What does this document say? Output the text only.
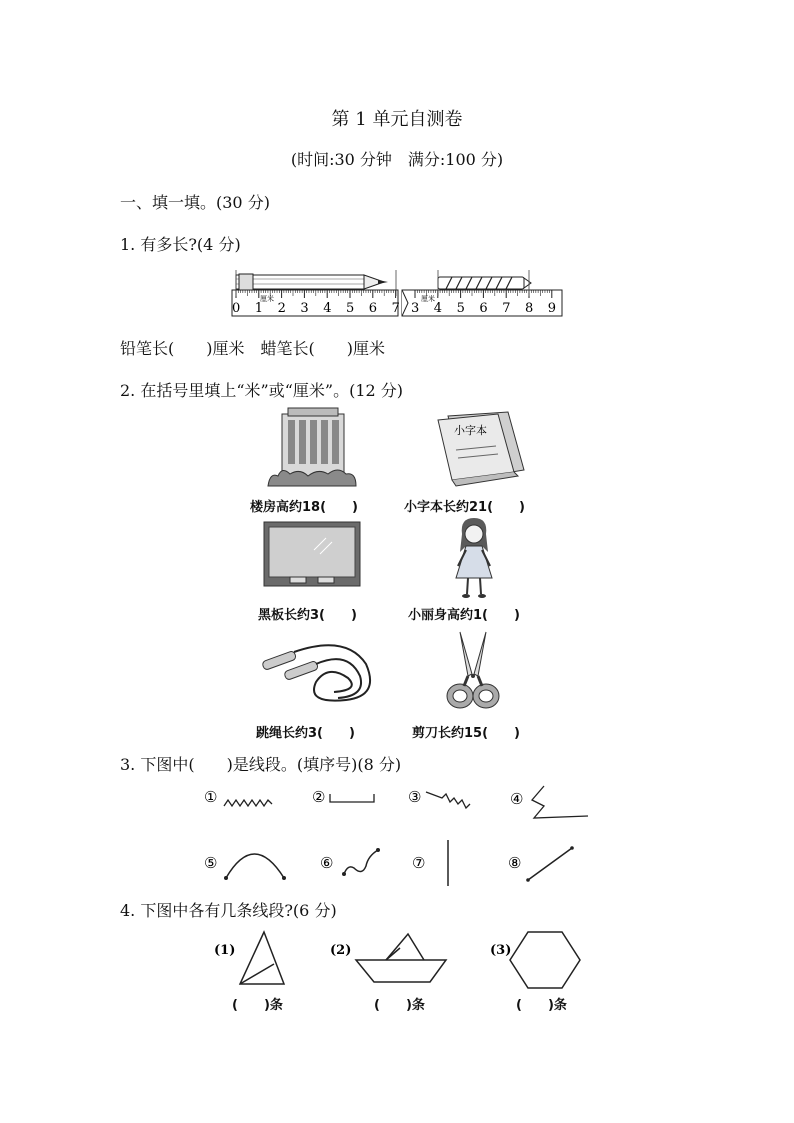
第 1 单元自测卷
(时间:30 分钟　满分:100 分)
一、填一填。(30 分)
1. 有多长?(4 分)
0 1 2 3 4 5 6 7
厘米
3 4 5 6 7 8 9
厘米
铅笔长(　　)厘米　蜡笔长(　　)厘米
2. 在括号里填上“米”或“厘米”。(12 分)
小字本
楼房高约18(　　)	小字本长约21(　　)
黑板长约3(　　)	小丽身高约1(　　)
跳绳长约3(　　)	剪刀长约15(　　)
3. 下图中(　　)是线段。(填序号)(8 分)
①	②	③	④
⑤	⑥	⑦	⑧
4. 下图中各有几条线段?(6 分)
(1)	(2)	(3)
(　　)条	(　　)条	(　　)条
